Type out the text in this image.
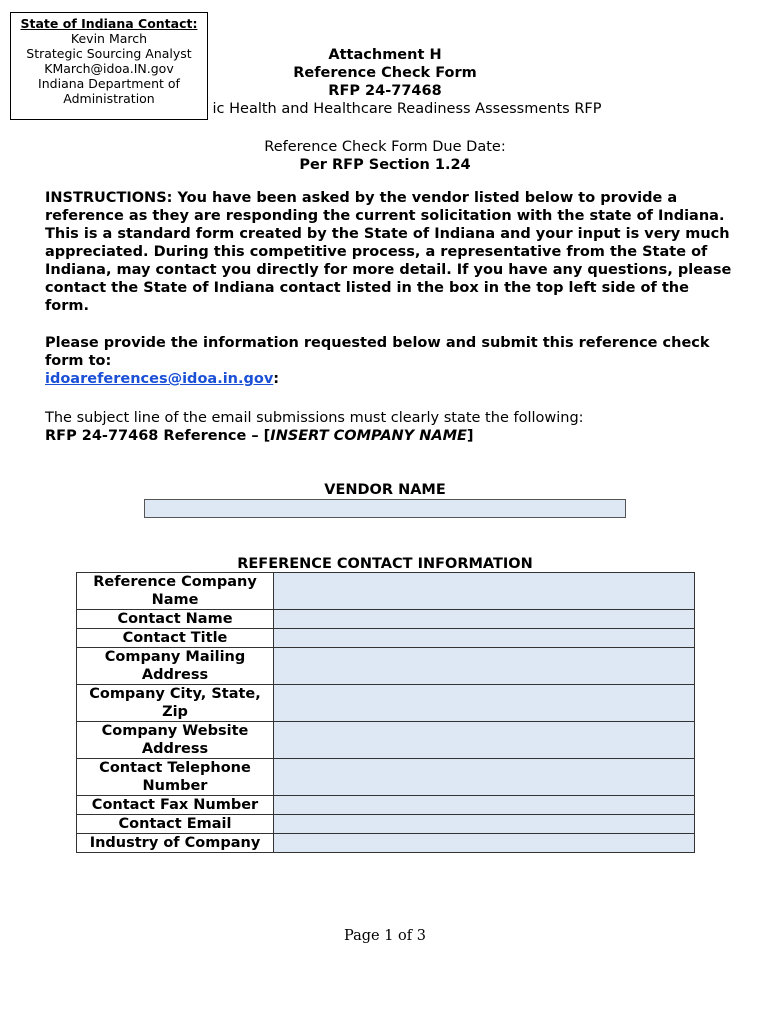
Attachment H
Reference Check Form
RFP 24-77468
ic Health and Healthcare Readiness Assessments RFP
State of Indiana Contact:
Kevin March
Strategic Sourcing Analyst
KMarch@idoa.IN.gov
Indiana Department of
Administration
Reference Check Form Due Date:
Per RFP Section 1.24
INSTRUCTIONS: You have been asked by the vendor listed below to provide a reference as they are responding the current solicitation with the state of Indiana. This is a standard form created by the State of Indiana and your input is very much appreciated. During this competitive process, a representative from the State of Indiana, may contact you directly for more detail. If you have any questions, please contact the State of Indiana contact listed in the box in the top left side of the form.
Please provide the information requested below and submit this reference check form to:
idoareferences@idoa.in.gov:
The subject line of the email submissions must clearly state the following:
RFP 24-77468 Reference – [INSERT COMPANY NAME]
VENDOR NAME
REFERENCE CONTACT INFORMATION
Reference Company Name	
Contact Name	
Contact Title	
Company Mailing Address	
Company City, State, Zip	
Company Website Address	
Contact Telephone Number	
Contact Fax Number	
Contact Email	
Industry of Company	
Page 1 of 3
